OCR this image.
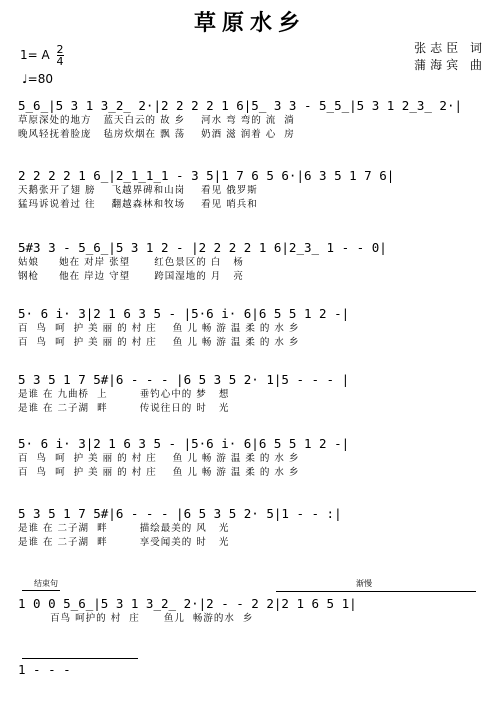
草原水乡
1= A $\frac{2}{4}$
♩=80
张志臣 词
蒲海宾 曲
5̲6̲|5 3 1 3̲2̲ 2·|2 2 2 2 1 6|5̲ 3 3 - 5̲5̲|5 3 1 2̲3̲ 2·|
草原深处的地方   蓝天白云的 故 乡    河水 弯 弯的 流  淌
晚风轻抚着脸庞   毡房炊烟在 飘 荡    奶酒 滋 润着 心  房
2 2 2 2 1 6̲|2̲1̲1̲1 - 3 5|1 7 6 5 6·|6 3 5 1 7 6|
天鹅张开了翅 膀    飞越界碑和山岗    看见 俄罗斯
猛玛诉说着过 往    翻越森林和牧场    看见 哨兵和
5#3 3 - 5̲6̲|5 3 1 2 - |2 2 2 2 1 6|2̲3̲ 1 - - 0|
姑娘     她在 对岸 张望      红色景区的 白   杨
钢枪     他在 岸边 守望      跨国湿地的 月   亮
5· 6 i· 3|2 1 6 3 5 - |5·6 i· 6|6 5 5 1 2 -|
百  鸟  呵  护 美 丽 的 村 庄    鱼 儿 畅 游 温 柔 的 水 乡
百  鸟  呵  护 美 丽 的 村 庄    鱼 儿 畅 游 温 柔 的 水 乡
5 3 5 1 7 5#|6 - - - |6 5 3 5 2· 1|5 - - - |
是谁 在 九曲桥  上        垂钓心中的 梦   想
是谁 在 二子湖  畔        传说往日的 时   光
5· 6 i· 3|2 1 6 3 5 - |5·6 i· 6|6 5 5 1 2 -|
百  鸟  呵  护 美 丽 的 村 庄    鱼 儿 畅 游 温 柔 的 水 乡
百  鸟  呵  护 美 丽 的 村 庄    鱼 儿 畅 游 温 柔 的 水 乡
5 3 5 1 7 5#|6 - - - |6 5 3 5 2· 5|1 - - :|
是谁 在 二子湖  畔        描绘最美的 风   光
是谁 在 二子湖  畔        享受闻美的 时   光
结束句	渐慢
1 0 0 5̲6̲|5 3 1 3̲2̲ 2·|2 - - 2 2|2 1 6 5 1|
百鸟 呵护的 村  庄      鱼儿  畅游的水  乡
1 - - -
